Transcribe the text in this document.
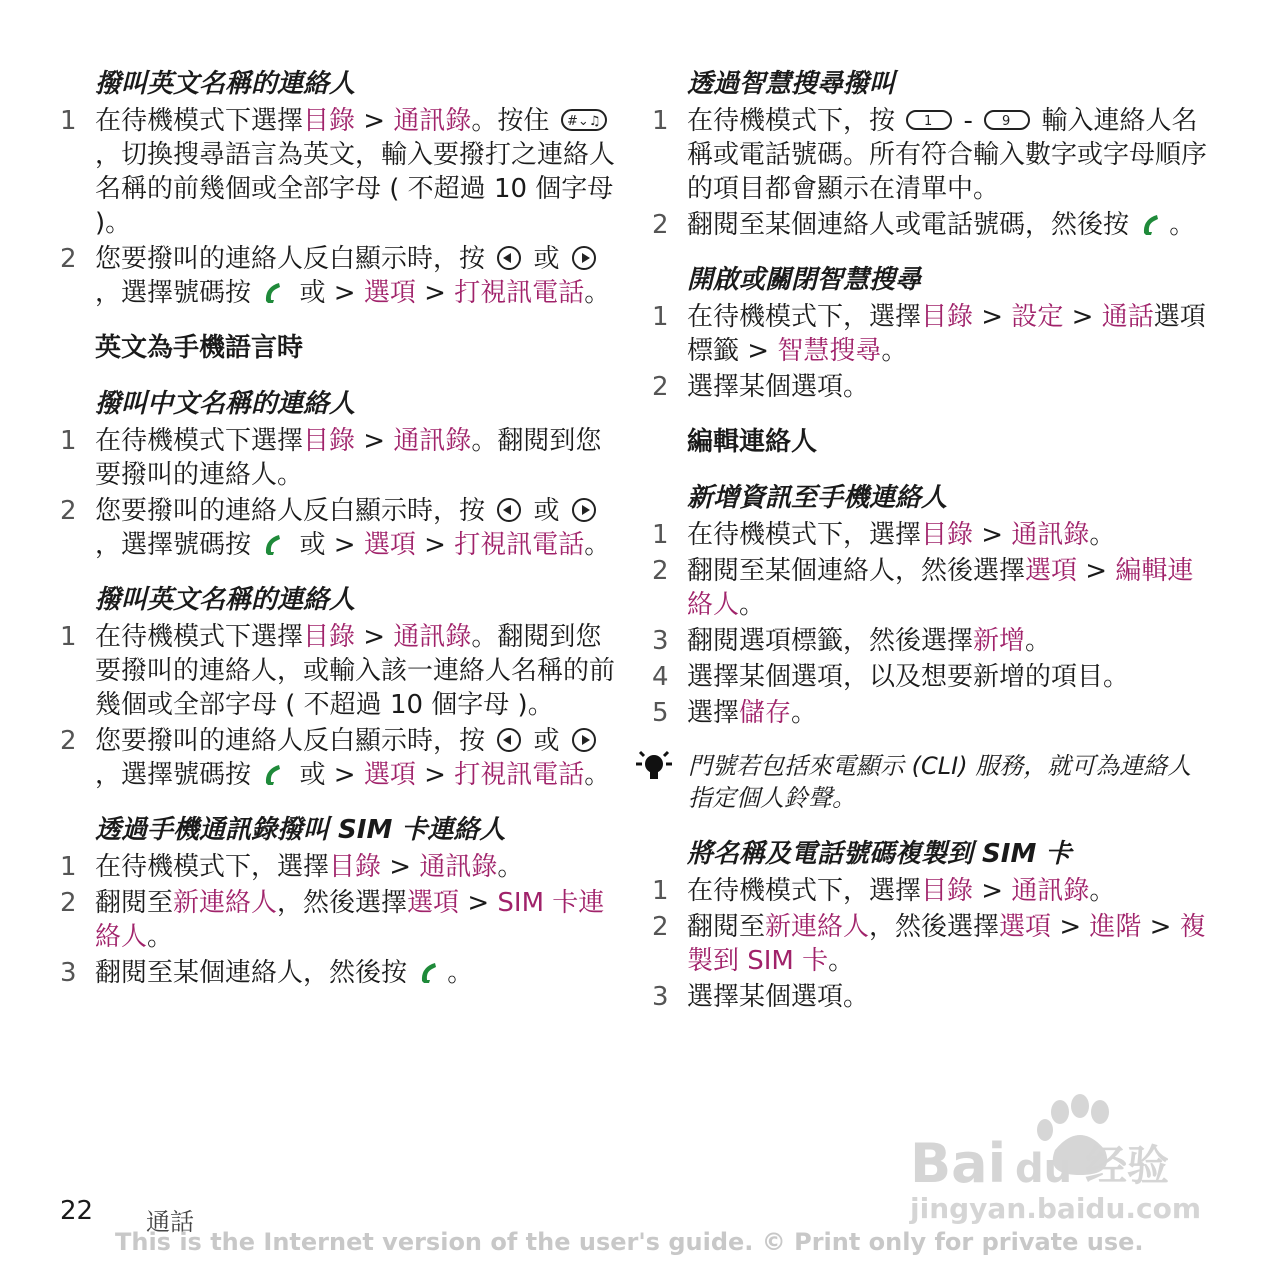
撥叫英文名稱的連絡人
1 在待機模式下選擇目錄 > 通訊錄。按住 #⌄♫
，切換搜尋語言為英文，輸入要撥打之連絡人名稱的前幾個或全部字母 ( 不超過 10 個字母 )。
2 您要撥叫的連絡人反白顯示時，按  或 ，選擇號碼按  或 > 選項 > 打視訊電話。
英文為手機語言時
撥叫中文名稱的連絡人
1 在待機模式下選擇目錄 > 通訊錄。翻閱到您要撥叫的連絡人。
2 您要撥叫的連絡人反白顯示時，按  或 ，選擇號碼按  或 > 選項 > 打視訊電話。
撥叫英文名稱的連絡人
1 在待機模式下選擇目錄 > 通訊錄。翻閱到您要撥叫的連絡人，或輸入該一連絡人名稱的前幾個或全部字母 ( 不超過 10 個字母 )。
2 您要撥叫的連絡人反白顯示時，按  或 ，選擇號碼按  或 > 選項 > 打視訊電話。
透過手機通訊錄撥叫 SIM 卡連絡人
1 在待機模式下，選擇目錄 > 通訊錄。
2 翻閱至新連絡人，然後選擇選項 > SIM 卡連絡人。
3 翻閱至某個連絡人，然後按 。
透過智慧搜尋撥叫
1 在待機模式下，按 1 - 9 輸入連絡人名稱或電話號碼。所有符合輸入數字或字母順序的項目都會顯示在清單中。
2 翻閱至某個連絡人或電話號碼，然後按 。
開啟或關閉智慧搜尋
1 在待機模式下，選擇目錄 > 設定 > 通話選項標籤 > 智慧搜尋。
2 選擇某個選項。
編輯連絡人
新增資訊至手機連絡人
1 在待機模式下，選擇目錄 > 通訊錄。
2 翻閱至某個連絡人，然後選擇選項 > 編輯連絡人。
3 翻閱選項標籤，然後選擇新增。
4 選擇某個選項，以及想要新增的項目。
5 選擇儲存。
門號若包括來電顯示 (CLI) 服務，就可為連絡人指定個人鈴聲。
將名稱及電話號碼複製到 SIM 卡
1 在待機模式下，選擇目錄 > 通訊錄。
2 翻閱至新連絡人，然後選擇選項 > 進階 > 複製到 SIM 卡。
3 選擇某個選項。
22 通話
This is the Internet version of the user's guide. © Print only for private use.
Bai du 经验
jingyan.baidu.com
